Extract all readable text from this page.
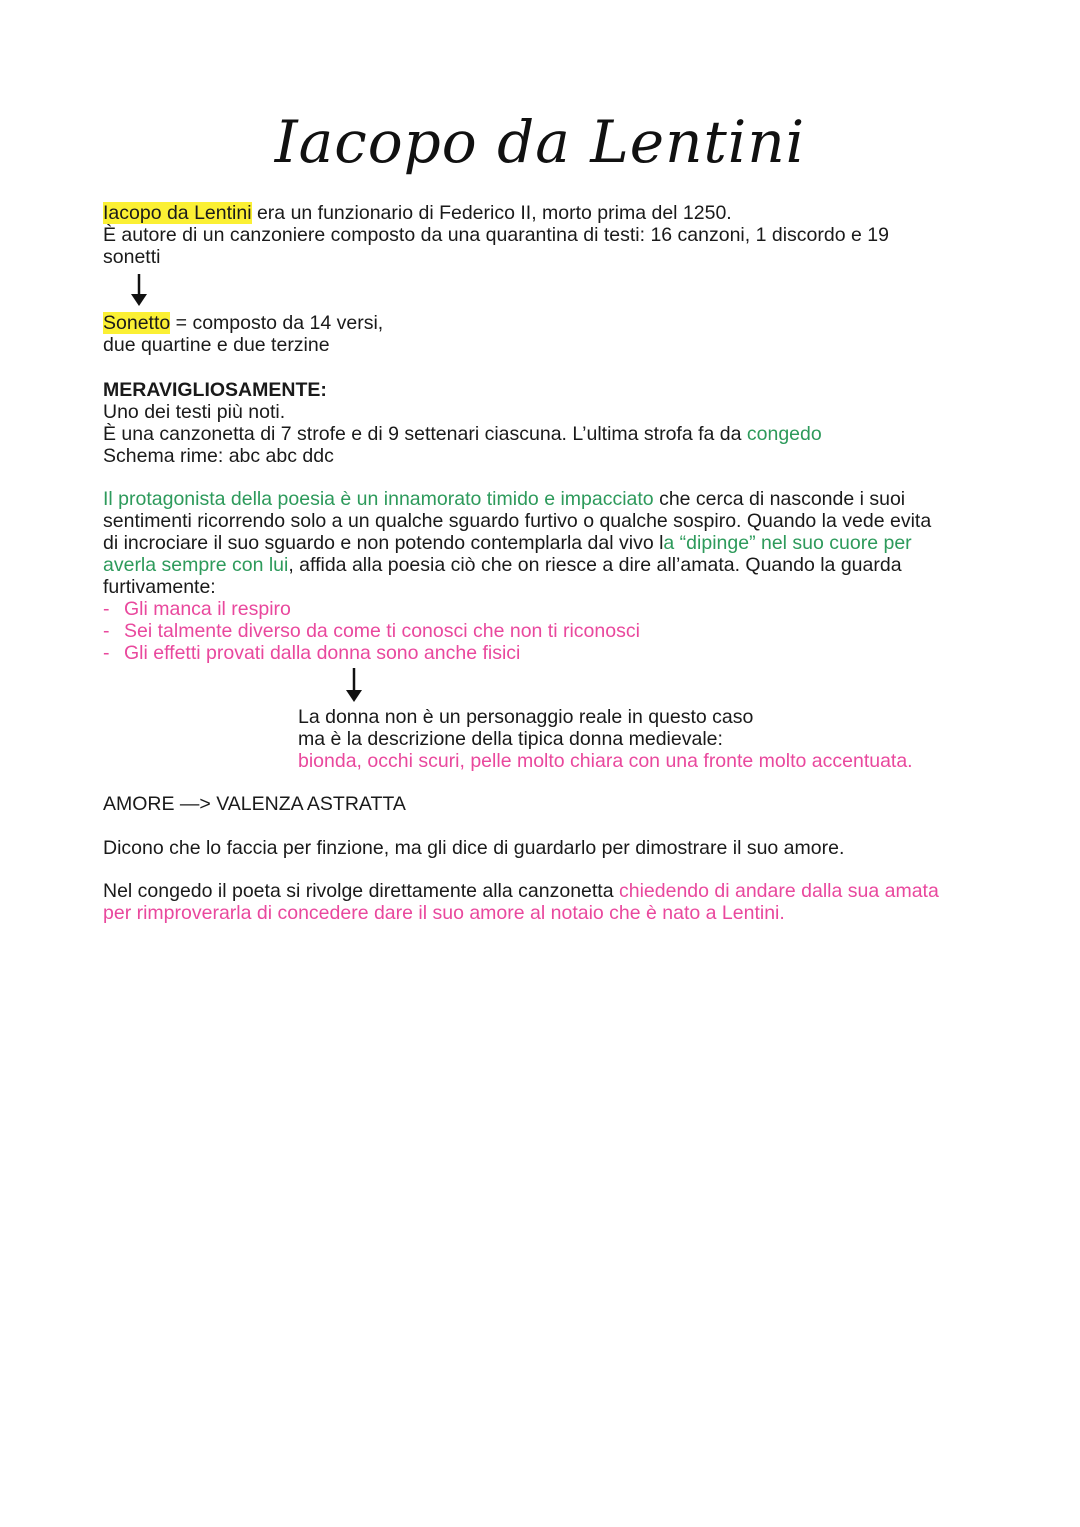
Iacopo da Lentini
Iacopo da Lentini era un funzionario di Federico II, morto prima del 1250.
È autore di un canzoniere composto da una quarantina di testi: 16 canzoni, 1 discordo e 19
sonetti
Sonetto = composto da 14 versi,
due quartine e due terzine
MERAVIGLIOSAMENTE:
Uno dei testi più noti.
È una canzonetta di 7 strofe e di 9 settenari ciascuna. L’ultima strofa fa da congedo
Schema rime: abc abc ddc
Il protagonista della poesia è un innamorato timido e impacciato che cerca di nasconde i suoi
sentimenti ricorrendo solo a un qualche sguardo furtivo o qualche sospiro. Quando la vede evita
di incrociare il suo sguardo e non potendo contemplarla dal vivo la “dipinge” nel suo cuore per
averla sempre con lui, affida alla poesia ciò che on riesce a dire all’amata. Quando la guarda
furtivamente:
- Gli manca il respiro
- Sei talmente diverso da come ti conosci che non ti riconosci
- Gli effetti provati dalla donna sono anche fisici
La donna non è un personaggio reale in questo caso
ma è la descrizione della tipica donna medievale:
bionda, occhi scuri, pelle molto chiara con una fronte molto accentuata.
AMORE —> VALENZA ASTRATTA
Dicono che lo faccia per finzione, ma gli dice di guardarlo per dimostrare il suo amore.
Nel congedo il poeta si rivolge direttamente alla canzonetta chiedendo di andare dalla sua amata
per rimproverarla di concedere dare il suo amore al notaio che è nato a Lentini.
